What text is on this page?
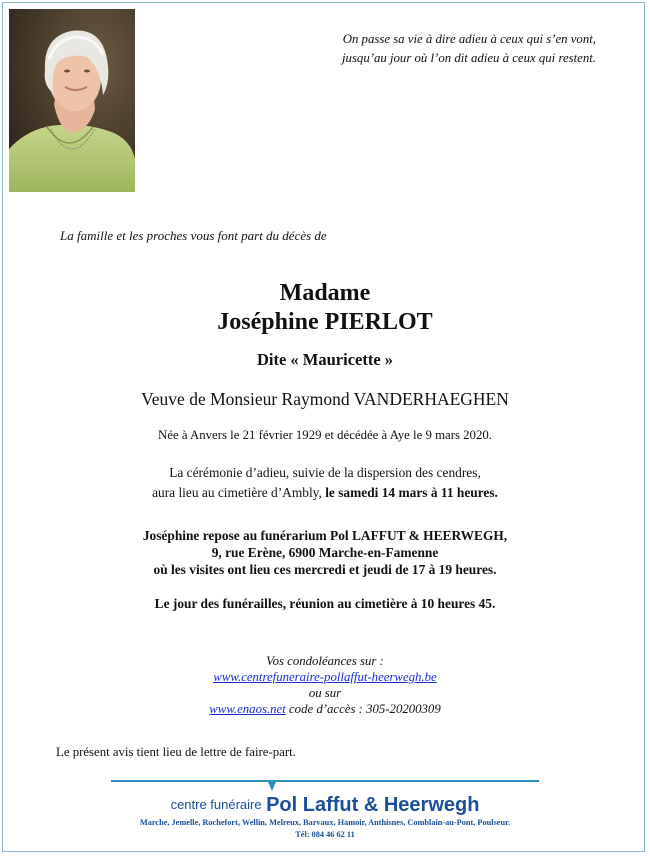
On passe sa vie à dire adieu à ceux qui s’en vont,
jusqu’au jour où l’on dit adieu à ceux qui restent.
La famille et les proches vous font part du décès de
Madame
Joséphine PIERLOT
Dite « Mauricette »
Veuve de Monsieur Raymond VANDERHAEGHEN
Née à Anvers le 21 février 1929 et décédée à Aye le 9 mars 2020.
La cérémonie d’adieu, suivie de la dispersion des cendres,
aura lieu au cimetière d’Ambly, le samedi 14 mars à 11 heures.
Joséphine repose au funérarium Pol LAFFUT & HEERWEGH,
9, rue Erène, 6900 Marche-en-Famenne
où les visites ont lieu ces mercredi et jeudi de 17 à 19 heures.
Le jour des funérailles, réunion au cimetière à 10 heures 45.
Vos condoléances sur :
www.centrefuneraire-pollaffut-heerwegh.be
ou sur
www.enaos.net code d’accès : 305-20200309
Le présent avis tient lieu de lettre de faire-part.
centre funéraire Pol Laffut & Heerwegh
Marche, Jemelle, Rochefort, Wellin, Melreux, Barvaux, Hamoir, Anthisnes, Comblain-au-Pont, Poulseur.
Tél: 084 46 62 11
